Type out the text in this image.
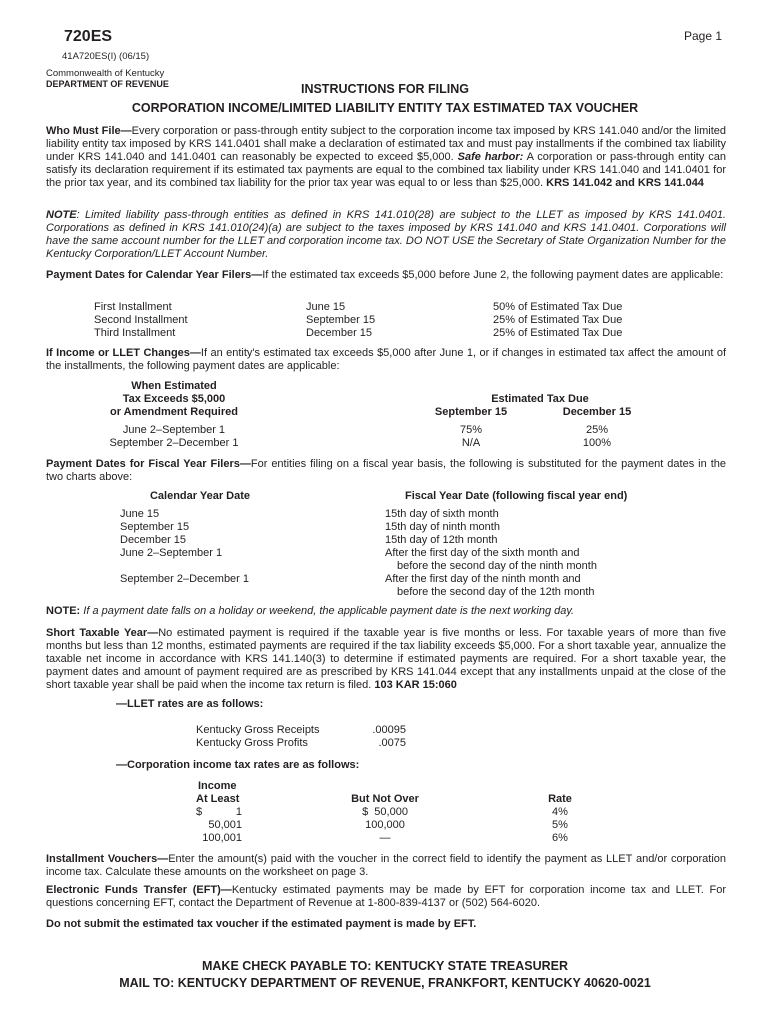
720ES
41A720ES(I) (06/15)
Commonwealth of Kentucky
DEPARTMENT OF REVENUE
Page 1
INSTRUCTIONS FOR FILING
CORPORATION INCOME/LIMITED LIABILITY ENTITY TAX ESTIMATED TAX VOUCHER

Who Must File—Every corporation or pass-through entity subject to the corporation income tax imposed by KRS 141.040 and/or the limited liability entity tax imposed by KRS 141.0401 shall make a declaration of estimated tax and must pay installments if the combined tax liability under KRS 141.040 and 141.0401 can reasonably be expected to exceed $5,000. Safe harbor: A corporation or pass-through entity can satisfy its declaration requirement if its estimated tax payments are equal to the combined tax liability under KRS 141.040 and 141.0401 for the prior tax year, and its combined tax liability for the prior tax year was equal to or less than $25,000. KRS 141.042 and KRS 141.044

NOTE: Limited liability pass-through entities as defined in KRS 141.010(28) are subject to the LLET as imposed by KRS 141.0401. Corporations as defined in KRS 141.010(24)(a) are subject to the taxes imposed by KRS 141.040 and KRS 141.0401. Corporations will have the same account number for the LLET and corporation income tax. DO NOT USE the Secretary of State Organization Number for the Kentucky Corporation/LLET Account Number.

Payment Dates for Calendar Year Filers—If the estimated tax exceeds $5,000 before June 2, the following payment dates are applicable:

First Installment	June 15	50% of Estimated Tax Due
Second Installment	September 15	25% of Estimated Tax Due
Third Installment	December 15	25% of Estimated Tax Due

If Income or LLET Changes—If an entity's estimated tax exceeds $5,000 after June 1, or if changes in estimated tax affect the amount of the installments, the following payment dates are applicable:

When Estimated
Tax Exceeds $5,000
or Amendment Required
Estimated Tax Due
September 15	December 15
June 2–September 1	75%	25%
September 2–December 1	N/A	100%

Payment Dates for Fiscal Year Filers—For entities filing on a fiscal year basis, the following is substituted for the payment dates in the two charts above:

Calendar Year Date	Fiscal Year Date (following fiscal year end)
June 15	15th day of sixth month
September 15	15th day of ninth month
December 15	15th day of 12th month
June 2–September 1	After the first day of the sixth month and
before the second day of the ninth month
September 2–December 1	After the first day of the ninth month and
before the second day of the 12th month

NOTE: If a payment date falls on a holiday or weekend, the applicable payment date is the next working day.

Short Taxable Year—No estimated payment is required if the taxable year is five months or less. For taxable years of more than five months but less than 12 months, estimated payments are required if the tax liability exceeds $5,000. For a short taxable year, annualize the taxable net income in accordance with KRS 141.140(3) to determine if estimated payments are required. For a short taxable year, the payment dates and amount of payment required are as prescribed by KRS 141.044 except that any installments unpaid at the close of the short taxable year shall be paid when the income tax return is filed. 103 KAR 15:060

—LLET rates are as follows:
Kentucky Gross Receipts	.00095
Kentucky Gross Profits	.0075
—Corporation income tax rates are as follows:
Income
At Least	But Not Over	Rate
$	1	$  50,000	4%
50,001	100,000	5%
100,001	—	6%

Installment Vouchers—Enter the amount(s) paid with the voucher in the correct field to identify the payment as LLET and/or corporation income tax. Calculate these amounts on the worksheet on page 3.

Electronic Funds Transfer (EFT)—Kentucky estimated payments may be made by EFT for corporation income tax and LLET. For questions concerning EFT, contact the Department of Revenue at 1-800-839-4137 or (502) 564-6020.

Do not submit the estimated tax voucher if the estimated payment is made by EFT.

MAKE CHECK PAYABLE TO: KENTUCKY STATE TREASURER
MAIL TO: KENTUCKY DEPARTMENT OF REVENUE, FRANKFORT, KENTUCKY 40620-0021
